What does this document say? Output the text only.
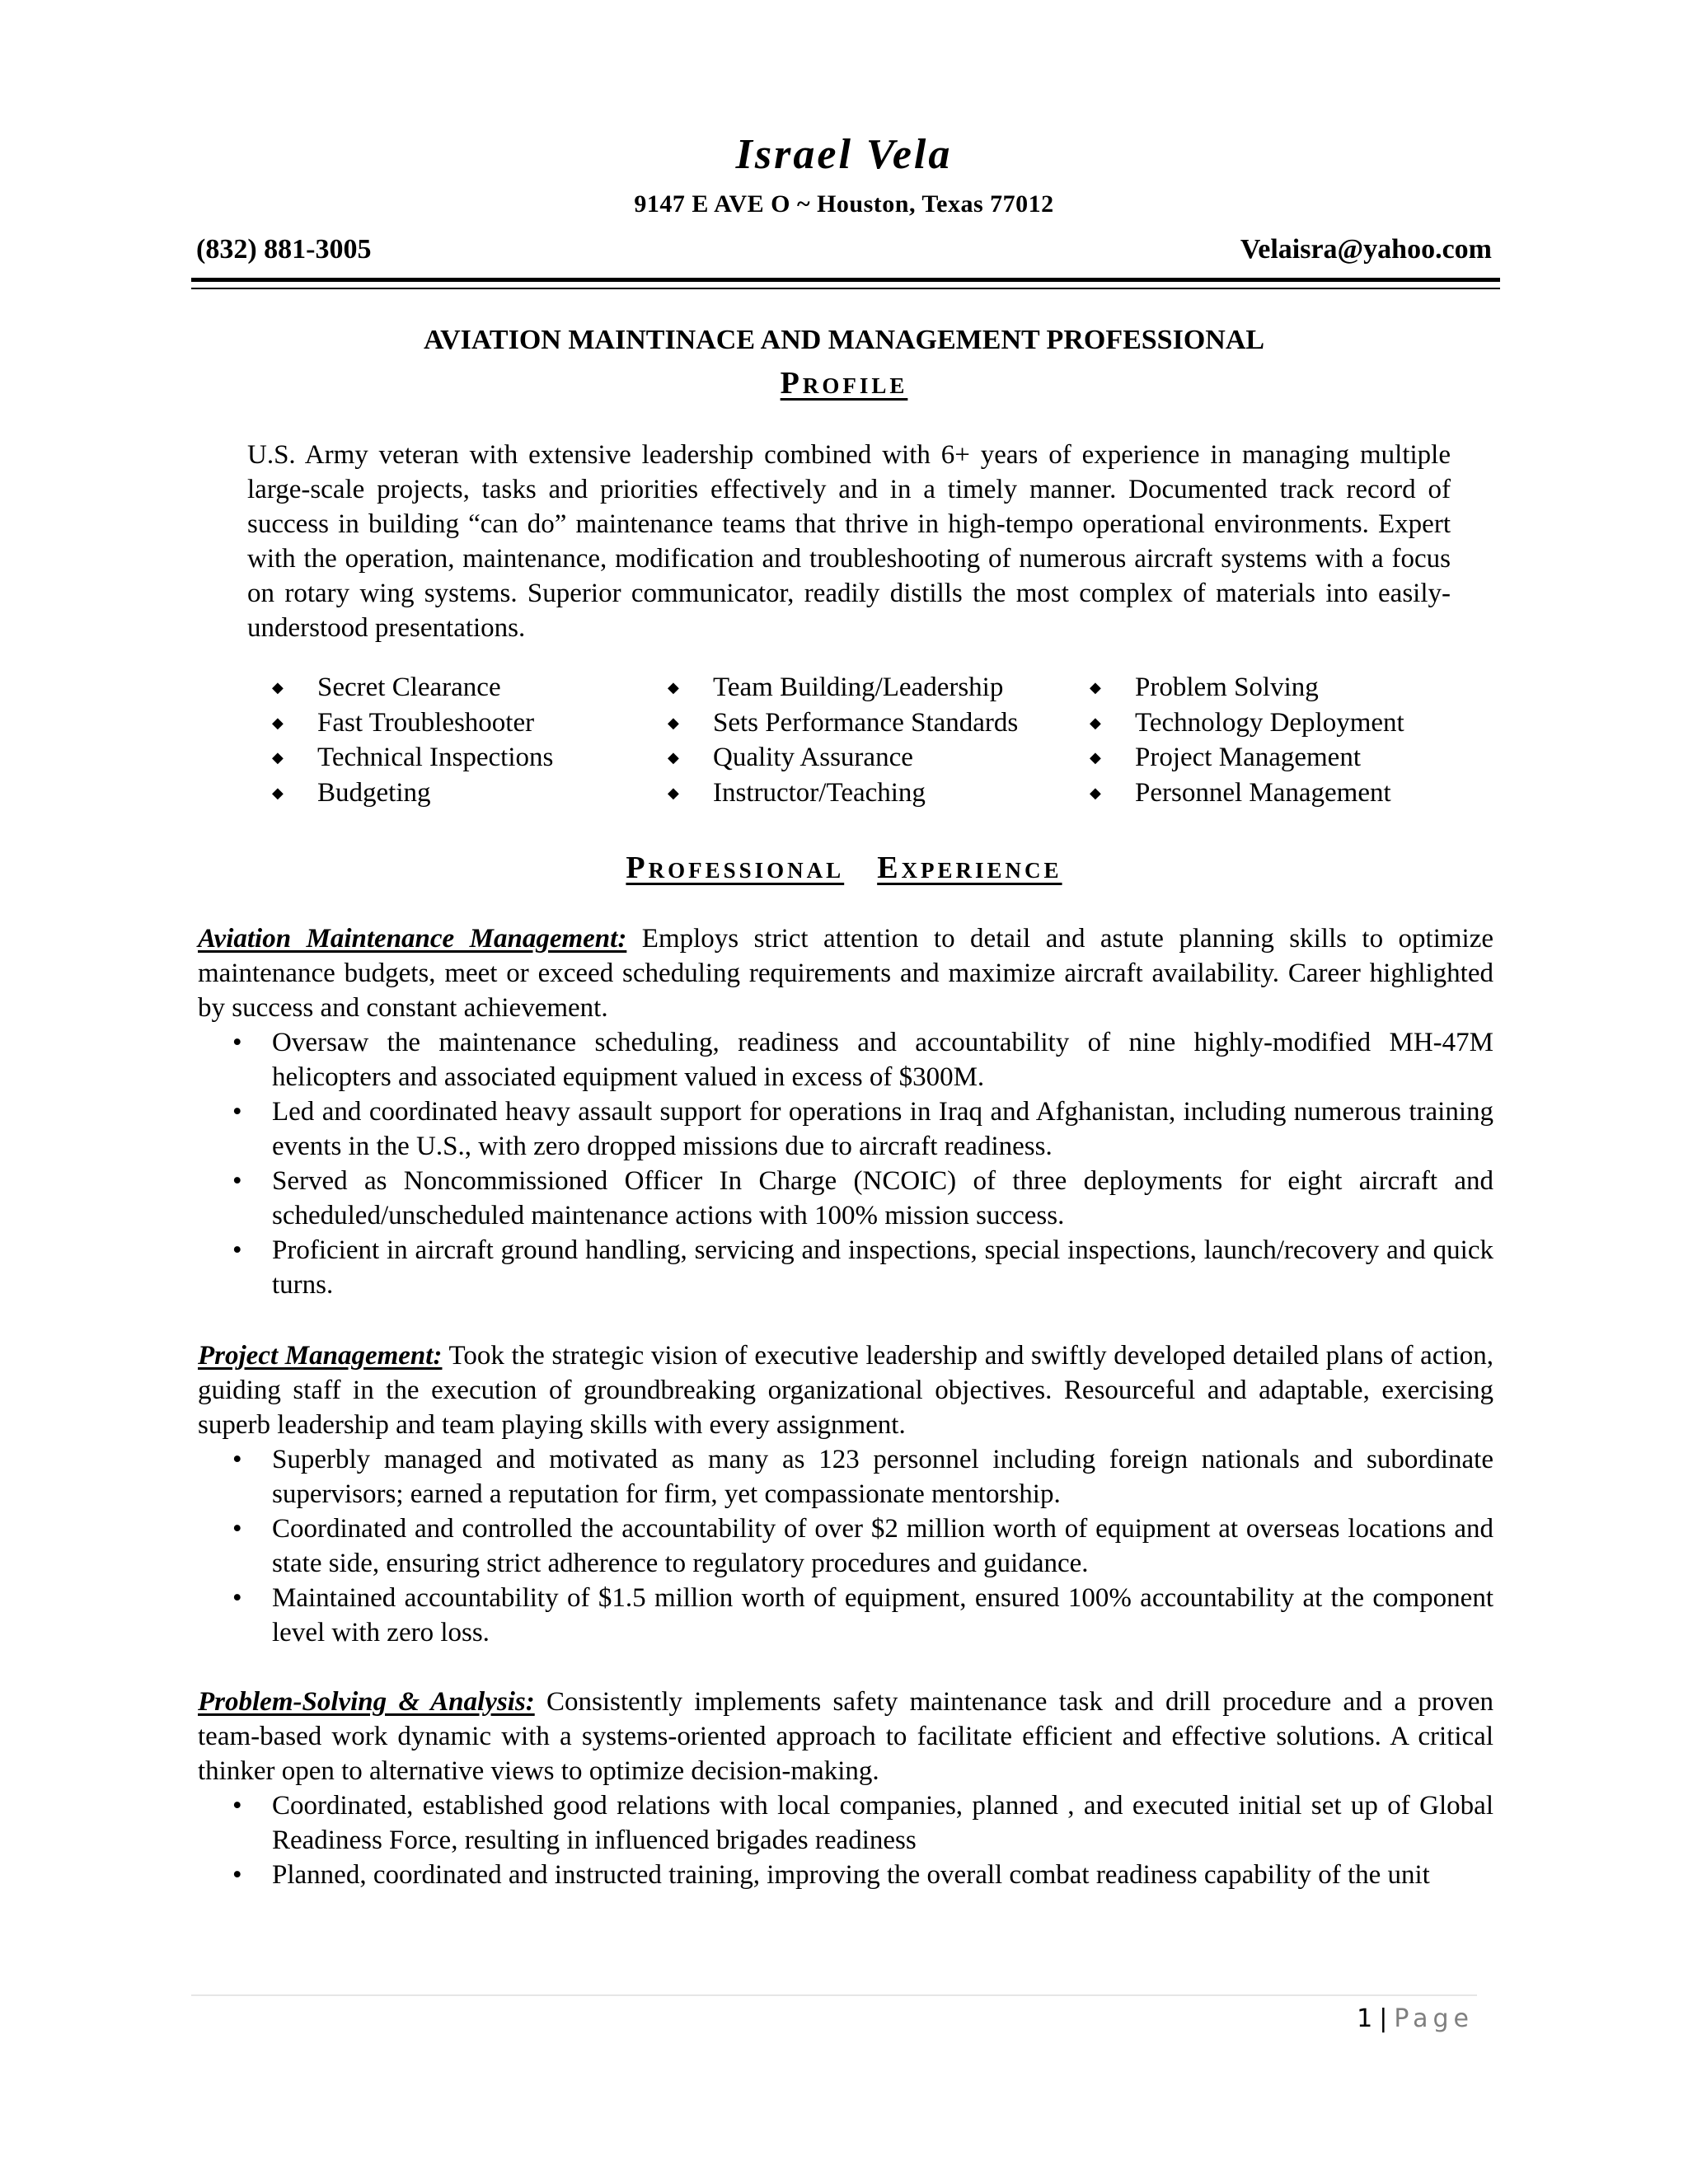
Israel Vela
9147 E AVE O ~ Houston, Texas 77012
(832) 881-3005	Velaisra@yahoo.com
AVIATION MAINTINACE AND MANAGEMENT PROFESSIONAL
Profile
U.S. Army veteran with extensive leadership combined with 6+ years of experience in managing multiple large-scale projects, tasks and priorities effectively and in a timely manner. Documented track record of success in building “can do” maintenance teams that thrive in high-tempo operational environments. Expert with the operation, maintenance, modification and troubleshooting of numerous aircraft systems with a focus on rotary wing systems. Superior communicator, readily distills the most complex of materials into easily-understood presentations.
◆ Secret Clearance
◆ Fast Troubleshooter
◆ Technical Inspections
◆ Budgeting
◆ Team Building/Leadership
◆ Sets Performance Standards
◆ Quality Assurance
◆ Instructor/Teaching
◆ Problem Solving
◆ Technology Deployment
◆ Project Management
◆ Personnel Management
Professional Experience

Aviation Maintenance Management: Employs strict attention to detail and astute planning skills to optimize maintenance budgets, meet or exceed scheduling requirements and maximize aircraft availability. Career highlighted by success and constant achievement.

• Oversaw the maintenance scheduling, readiness and accountability of nine highly-modified MH-47M helicopters and associated equipment valued in excess of $300M.
• Led and coordinated heavy assault support for operations in Iraq and Afghanistan, including numerous training events in the U.S., with zero dropped missions due to aircraft readiness.
• Served as Noncommissioned Officer In Charge (NCOIC) of three deployments for eight aircraft and scheduled/unscheduled maintenance actions with 100% mission success.
• Proficient in aircraft ground handling, servicing and inspections, special inspections, launch/recovery and quick turns.

Project Management: Took the strategic vision of executive leadership and swiftly developed detailed plans of action, guiding staff in the execution of groundbreaking organizational objectives. Resourceful and adaptable, exercising superb leadership and team playing skills with every assignment.

• Superbly managed and motivated as many as 123 personnel including foreign nationals and subordinate supervisors; earned a reputation for firm, yet compassionate mentorship.
• Coordinated and controlled the accountability of over $2 million worth of equipment at overseas locations and state side, ensuring strict adherence to regulatory procedures and guidance.
• Maintained accountability of $1.5 million worth of equipment, ensured 100% accountability at the component level with zero loss.

Problem-Solving & Analysis: Consistently implements safety maintenance task and drill procedure and a proven team-based work dynamic with a systems-oriented approach to facilitate efficient and effective solutions. A critical thinker open to alternative views to optimize decision-making.

• Coordinated, established good relations with local companies, planned , and executed initial set up of Global Readiness Force, resulting in influenced brigades readiness
• Planned, coordinated and instructed training, improving the overall combat readiness capability of the unit
1 | Page
